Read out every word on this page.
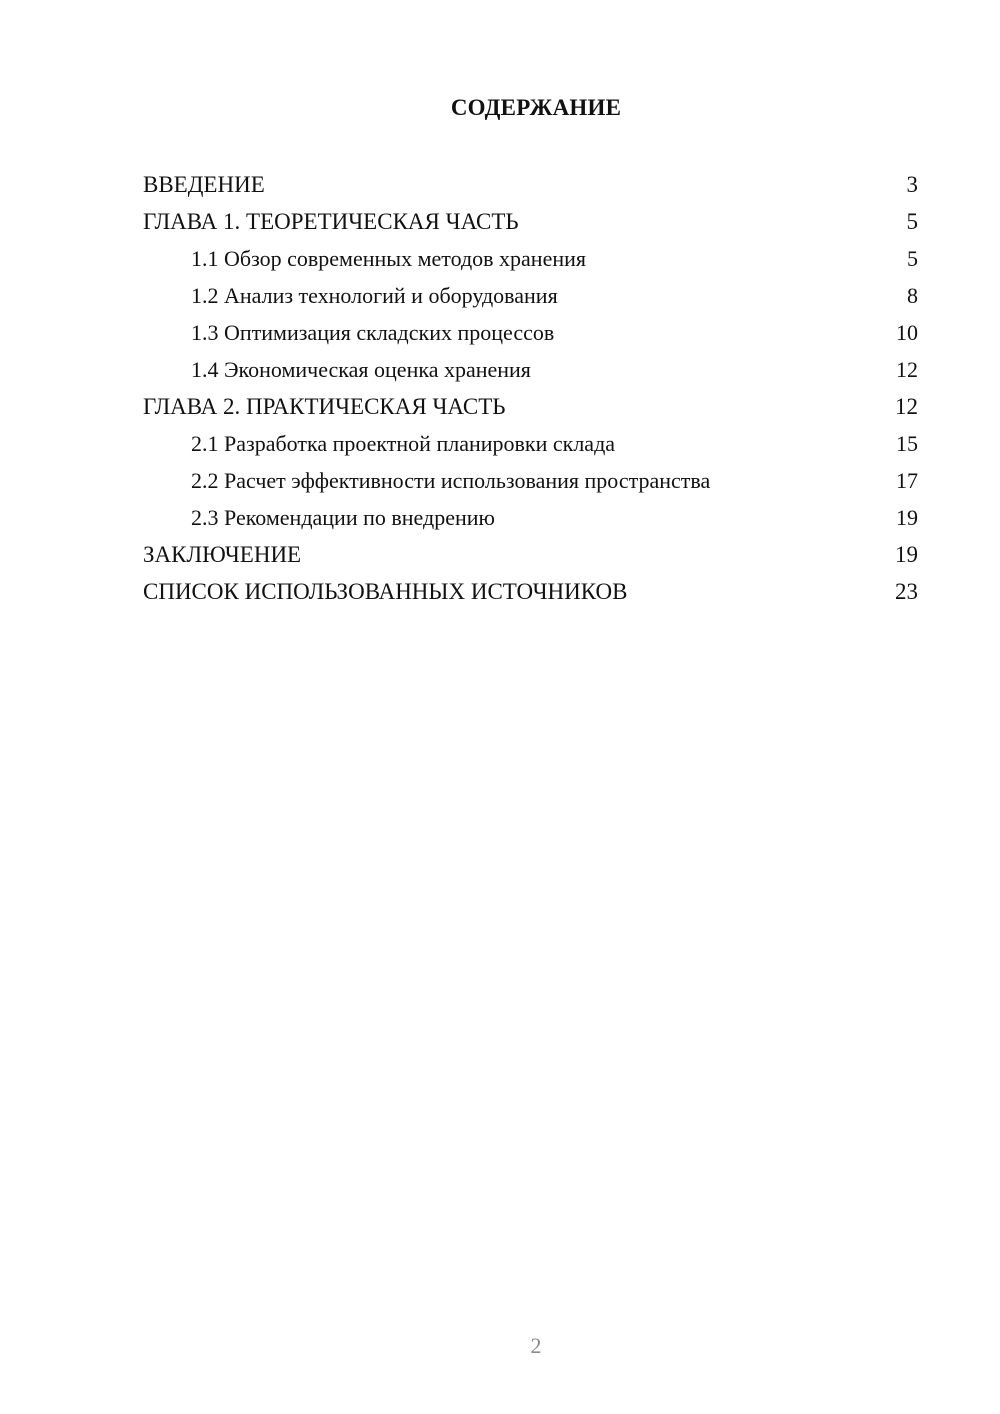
СОДЕРЖАНИЕ
ВВЕДЕНИЕ	3
ГЛАВА 1. ТЕОРЕТИЧЕСКАЯ ЧАСТЬ	5
1.1 Обзор современных методов хранения	5
1.2 Анализ технологий и оборудования	8
1.3 Оптимизация складских процессов	10
1.4 Экономическая оценка хранения	12
ГЛАВА 2. ПРАКТИЧЕСКАЯ ЧАСТЬ	12
2.1 Разработка проектной планировки склада	15
2.2 Расчет эффективности использования пространства	17
2.3 Рекомендации по внедрению	19
ЗАКЛЮЧЕНИЕ	19
СПИСОК ИСПОЛЬЗОВАННЫХ ИСТОЧНИКОВ	23
2
